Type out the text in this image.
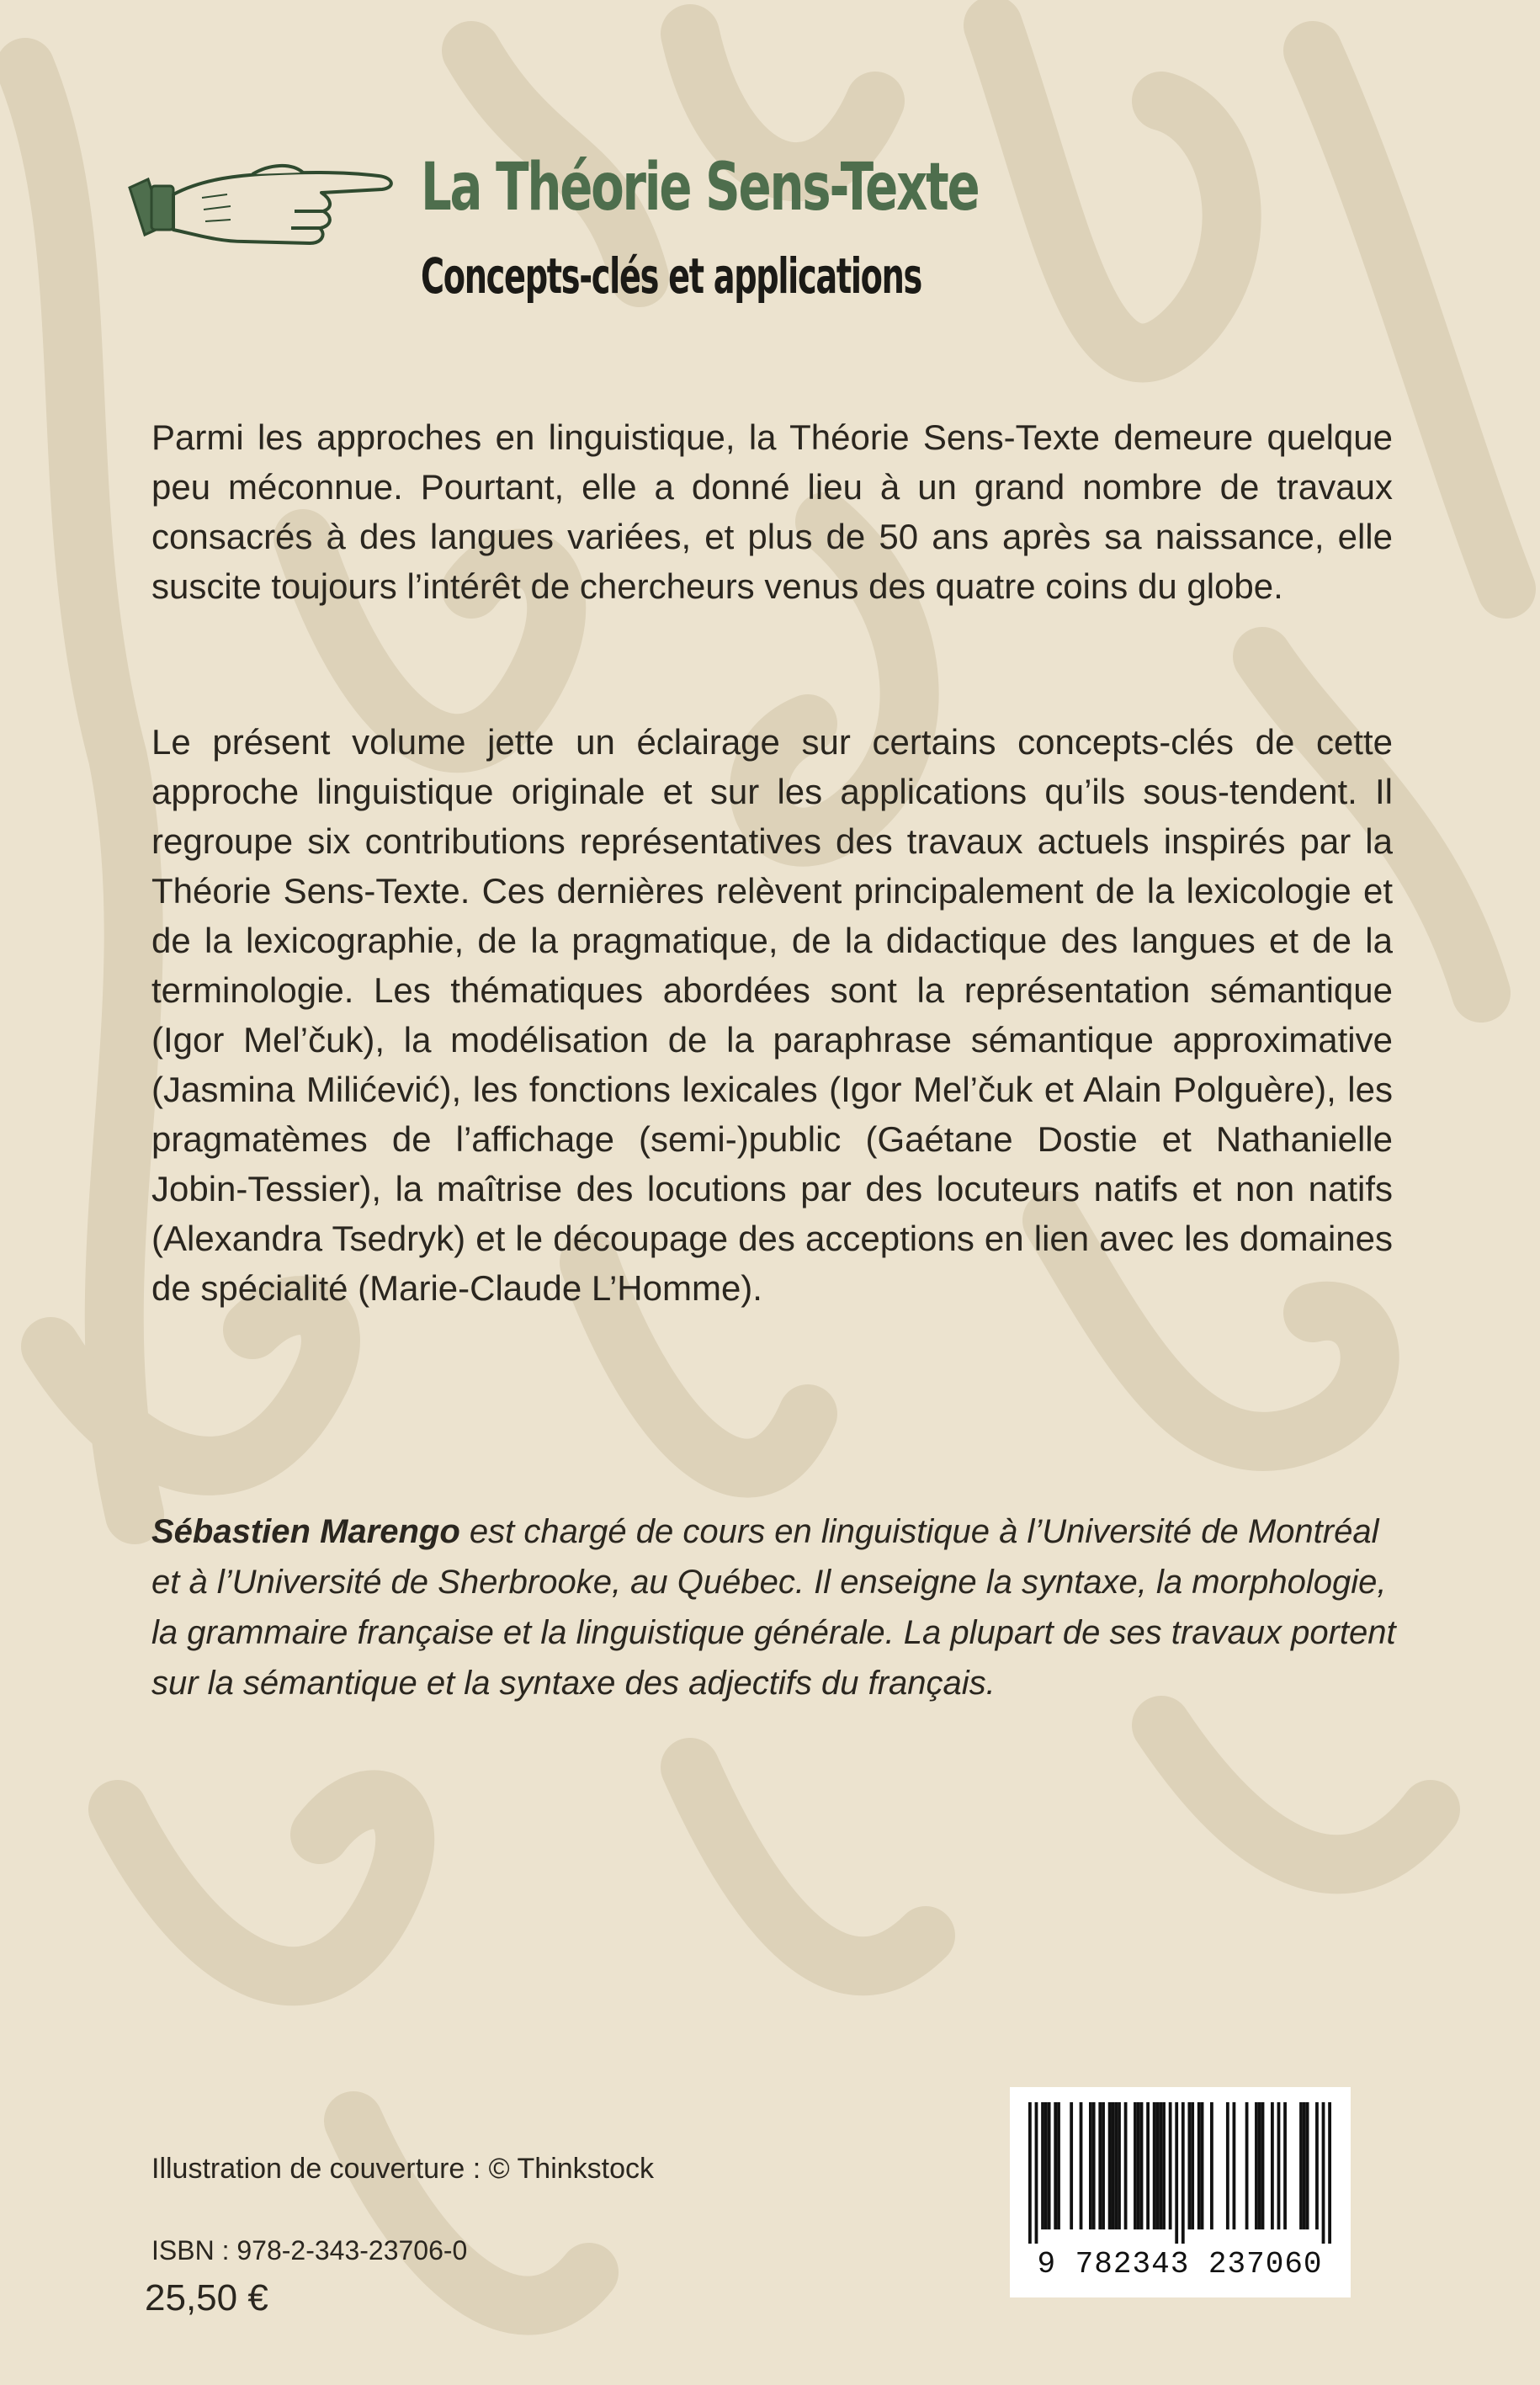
La Théorie Sens-Texte
Concepts-clés et applications

Parmi les approches en linguistique, la Théorie Sens-Texte demeure quelque peu méconnue. Pourtant, elle a donné lieu à un grand nombre de travaux consacrés à des langues variées, et plus de 50 ans après sa naissance, elle suscite toujours l’intérêt de chercheurs venus des quatre coins du globe.

Le présent volume jette un éclairage sur certains concepts-clés de cette approche linguistique originale et sur les applications qu’ils sous-tendent. Il regroupe six contributions représentatives des travaux actuels inspirés par la Théorie Sens-Texte. Ces dernières relèvent principalement de la lexicologie et de la lexicographie, de la pragmatique, de la didactique des langues et de la terminologie. Les thématiques abordées sont la représentation sémantique (Igor Mel’čuk), la modélisation de la paraphrase sémantique approximative (Jasmina Milićević), les fonctions lexicales (Igor Mel’čuk et Alain Polguère), les pragmatèmes de l’affichage (semi-)public (Gaétane Dostie et Nathanielle Jobin-Tessier), la maîtrise des locutions par des locuteurs natifs et non natifs (Alexandra Tsedryk) et le découpage des acceptions en lien avec les domaines de spécialité (Marie-Claude L’Homme).

Sébastien Marengo est chargé de cours en linguistique à l’Université de Montréal et à l’Université de Sherbrooke, au Québec. Il enseigne la syntaxe, la morphologie, la grammaire française et la linguistique générale. La plupart de ses travaux portent sur la sémantique et la syntaxe des adjectifs du français.

Illustration de couverture : © Thinkstock

ISBN : 978-2-343-23706-0

25,50 €

9 782343 237060
